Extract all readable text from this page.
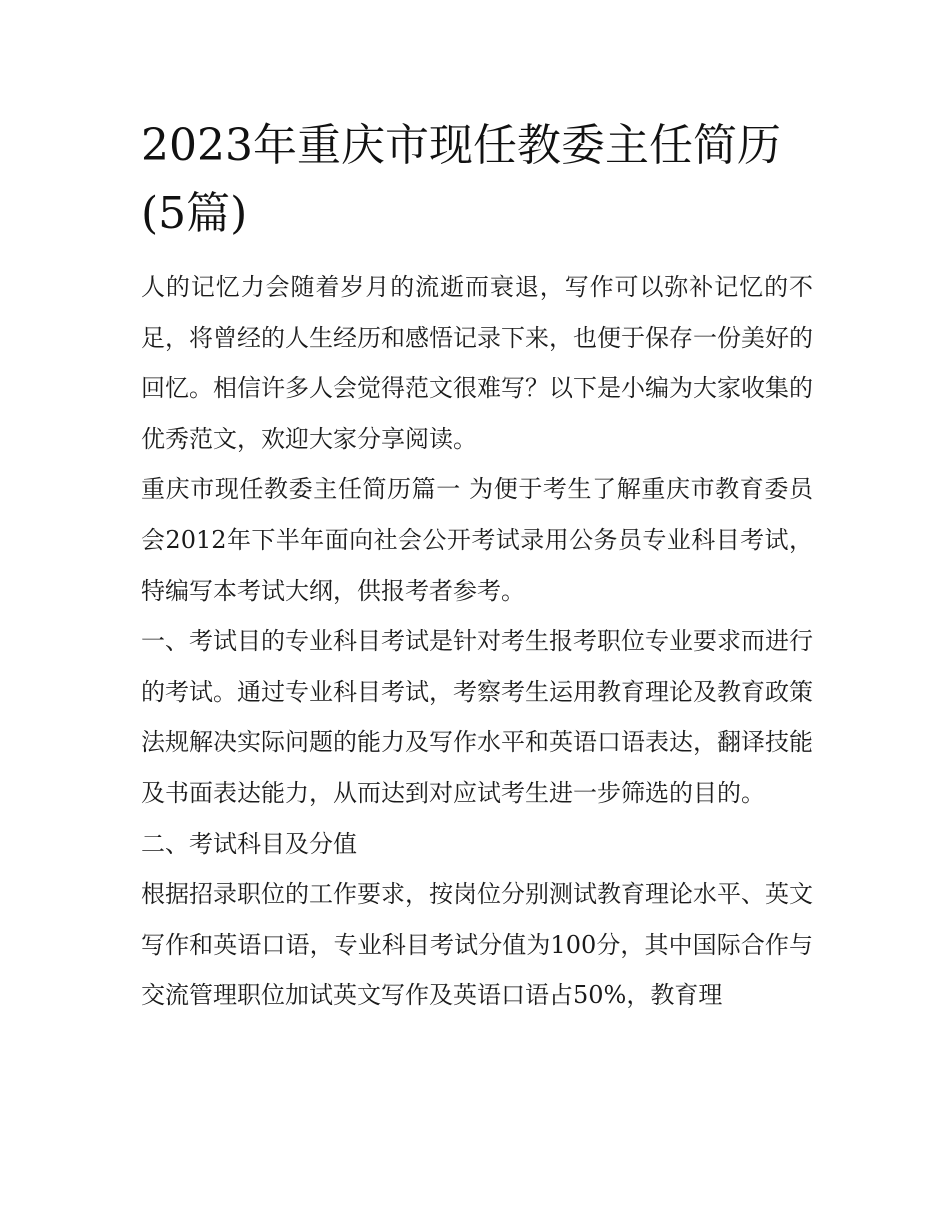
2023年重庆市现任教委主任简历(5篇)

人的记忆力会随着岁月的流逝而衰退，写作可以弥补记忆的不足，将曾经的人生经历和感悟记录下来，也便于保存一份美好的回忆。相信许多人会觉得范文很难写？以下是小编为大家收集的优秀范文，欢迎大家分享阅读。

重庆市现任教委主任简历篇一 为便于考生了解重庆市教育委员会2012年下半年面向社会公开考试录用公务员专业科目考试，特编写本考试大纲，供报考者参考。

一、考试目的专业科目考试是针对考生报考职位专业要求而进行的考试。通过专业科目考试，考察考生运用教育理论及教育政策法规解决实际问题的能力及写作水平和英语口语表达，翻译技能及书面表达能力，从而达到对应试考生进一步筛选的目的。

二、考试科目及分值

根据招录职位的工作要求，按岗位分别测试教育理论水平、英文写作和英语口语，专业科目考试分值为100分，其中国际合作与交流管理职位加试英文写作及英语口语占50%，教育理
